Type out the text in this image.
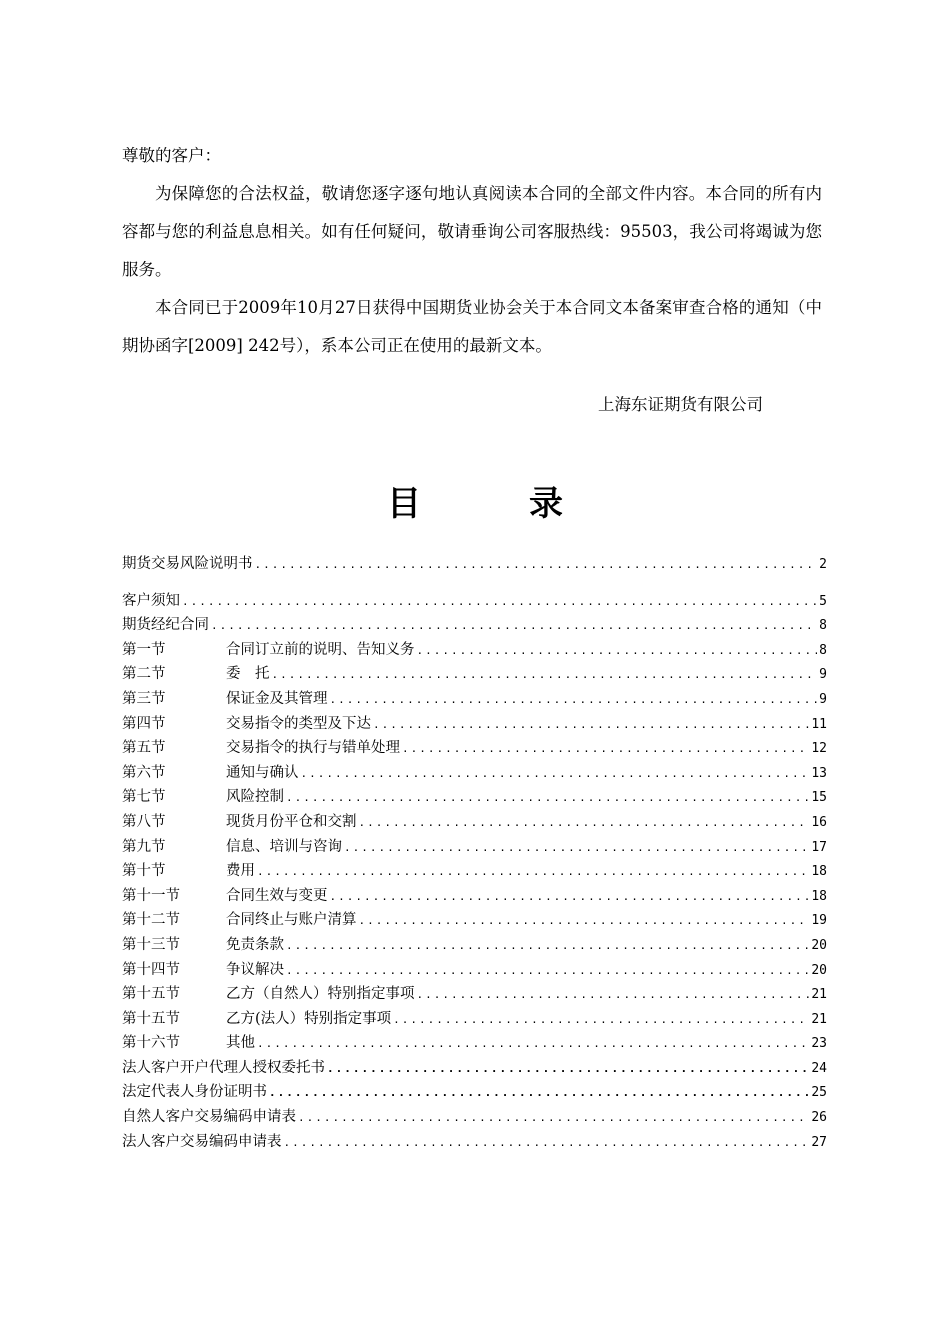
尊敬的客户：

为保障您的合法权益，敬请您逐字逐句地认真阅读本合同的全部文件内容。本合同的所有内容都与您的利益息息相关。如有任何疑问，敬请垂询公司客服热线：95503，我公司将竭诚为您服务。

本合同已于2009年10月27日获得中国期货业协会关于本合同文本备案审查合格的通知（中期协函字[2009] 242号），系本公司正在使用的最新文本。

上海东证期货有限公司
目	录
期货交易风险说明书 .....	2
客户须知 .....	5
期货经纪合同 .....	8
第一节	合同订立前的说明、告知义务 .....	8
第二节	委　托 .....	9
第三节	保证金及其管理 .....	9
第四节	交易指令的类型及下达 .....	11
第五节	交易指令的执行与错单处理 .....	12
第六节	通知与确认 .....	13
第七节	风险控制 .....	15
第八节	现货月份平仓和交割 .....	16
第九节	信息、培训与咨询 .....	17
第十节	费用 .....	18
第十一节	合同生效与变更 .....	18
第十二节	合同终止与账户清算 .....	19
第十三节	免责条款 .....	20
第十四节	争议解决 .....	20
第十五节	乙方（自然人）特别指定事项 .....	21
第十五节	乙方(法人）特别指定事项 .....	21
第十六节	其他 .....	23
法人客户开户代理人授权委托书 .....	24
法定代表人身份证明书 .....	25
自然人客户交易编码申请表 .....	26
法人客户交易编码申请表 .....	27
